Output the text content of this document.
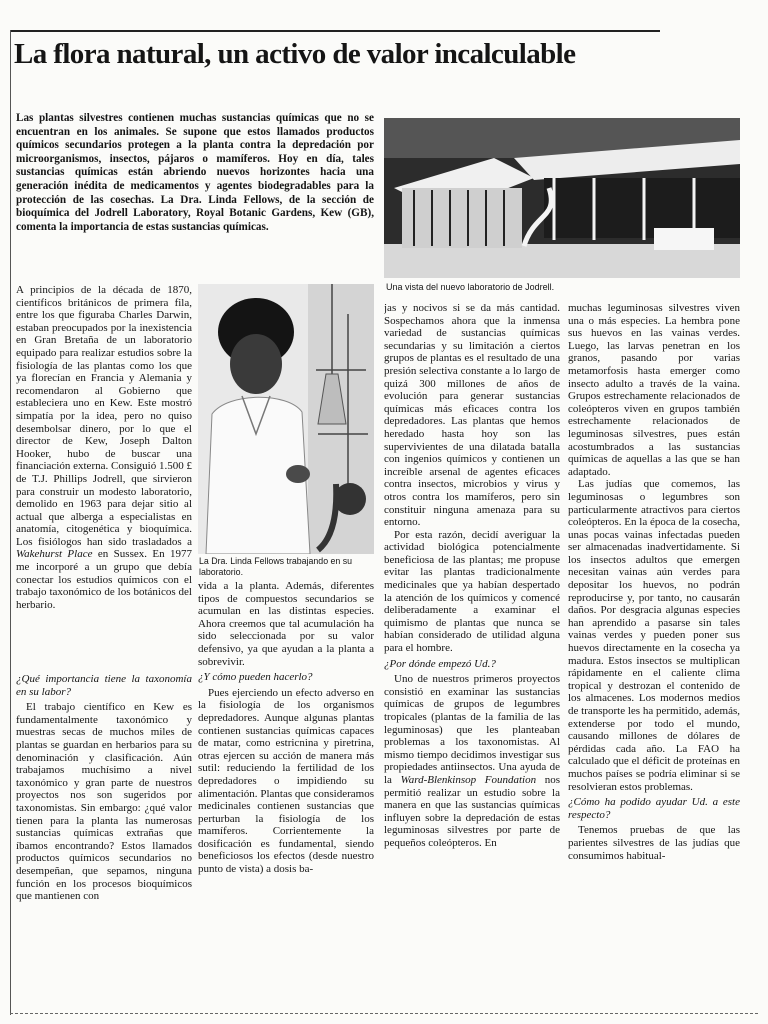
La flora natural, un activo de valor incalculable

Las plantas silvestres contienen muchas sustancias químicas que no se encuentran en los animales. Se supone que estos llamados productos químicos secundarios protegen a la planta contra la depredación por microorganismos, insectos, pájaros o mamíferos. Hoy en día, tales sustancias químicas están abriendo nuevos horizontes hacia una generación inédita de medicamentos y agentes biodegradables para la protección de las cosechas. La Dra. Linda Fellows, de la sección de bioquímica del Jodrell Laboratory, Royal Botanic Gardens, Kew (GB), comenta la importancia de estas sustancias químicas.

Una vista del nuevo laboratorio de Jodrell.
La Dra. Linda Fellows trabajando en su laboratorio.

A principios de la década de 1870, científicos británicos de primera fila, entre los que figuraba Charles Darwin, estaban preocupados por la inexistencia en Gran Bretaña de un laboratorio equipado para realizar estudios sobre la fisiología de las plantas como los que ya florecían en Francia y Alemania y recomendaron al Gobierno que estableciera uno en Kew. Este mostró simpatía por la idea, pero no quiso desembolsar dinero, por lo que el director de Kew, Joseph Dalton Hooker, hubo de buscar una financiación externa. Consiguió 1.500 £ de T.J. Phillips Jodrell, que sirvieron para construir un modesto laboratorio, demolido en 1963 para dejar sitio al actual que alberga a especialistas en anatomía, citogenética y bioquímica. Los fisiólogos han sido trasladados a Wakehurst Place en Sussex. En 1977 me incorporé a un grupo que debía conectar los estudios químicos con el trabajo taxonómico de los botánicos del herbario.

¿Qué importancia tiene la taxonomía en su labor?

El trabajo científico en Kew es fundamentalmente taxonómico y muestras secas de muchos miles de plantas se guardan en herbarios para su denominación y clasificación. Aún trabajamos muchísimo a nivel taxonómico y gran parte de nuestros proyectos nos son sugeridos por taxonomistas. Sin embargo: ¿qué valor tienen para la planta las numerosas sustancias químicas extrañas que íbamos encontrando? Estos llamados productos químicos secundarios no desempeñan, que sepamos, ninguna función en los procesos bioquímicos que mantienen con

vida a la planta. Además, diferentes tipos de compuestos secundarios se acumulan en las distintas especies. Ahora creemos que tal acumulación ha sido seleccionada por su valor defensivo, ya que ayudan a la planta a sobrevivir.

¿Y cómo pueden hacerlo?

Pues ejerciendo un efecto adverso en la fisiología de los organismos depredadores. Aunque algunas plantas contienen sustancias químicas capaces de matar, como estricnina y piretrina, otras ejercen su acción de manera más sutil: reduciendo la fertilidad de los depredadores o impidiendo su alimentación. Plantas que consideramos medicinales contienen sustancias que perturban la fisiología de los mamíferos. Corrientemente la dosificación es fundamental, siendo beneficiosos los efectos (desde nuestro punto de vista) a dosis ba-

jas y nocivos si se da más cantidad. Sospechamos ahora que la inmensa variedad de sustancias químicas secundarias y su limitación a ciertos grupos de plantas es el resultado de una presión selectiva constante a lo largo de quizá 300 millones de años de evolución para generar sustancias químicas más eficaces contra los depredadores. Las plantas que hemos heredado hasta hoy son las supervivientes de una dilatada batalla con ingenios químicos y contienen un increíble arsenal de agentes eficaces contra insectos, microbios y virus y otros contra los mamíferos, pero sin constituir ninguna amenaza para su entorno.

Por esta razón, decidí averiguar la actividad biológica potencialmente beneficiosa de las plantas; me propuse evitar las plantas tradicionalmente medicinales que ya habían despertado la atención de los químicos y comencé deliberadamente a examinar el quimismo de plantas que nunca se habían considerado de utilidad alguna para el hombre.

¿Por dónde empezó Ud.?

Uno de nuestros primeros proyectos consistió en examinar las sustancias químicas de grupos de legumbres tropicales (plantas de la familia de las leguminosas) que les planteaban problemas a los taxonomistas. Al mismo tiempo decidimos investigar sus propiedades antiinsectos. Una ayuda de la Ward-Blenkinsop Foundation nos permitió realizar un estudio sobre la manera en que las sustancias químicas influyen sobre la depredación de estas leguminosas silvestres por parte de pequeños coleópteros. En

muchas leguminosas silvestres viven una o más especies. La hembra pone sus huevos en las vainas verdes. Luego, las larvas penetran en los granos, pasando por varias metamorfosis hasta emerger como insecto adulto a través de la vaina. Grupos estrechamente relacionados de coleópteros viven en grupos también estrechamente relacionados de leguminosas silvestres, pues están acostumbrados a las sustancias químicas de aquellas a las que se han adaptado.

Las judías que comemos, las leguminosas o legumbres son particularmente atractivos para ciertos coleópteros. En la época de la cosecha, unas pocas vainas infectadas pueden ser almacenadas inadvertidamente. Si los insectos adultos que emergen necesitan vainas aún verdes para depositar los huevos, no podrán reproducirse y, por tanto, no causarán daños. Por desgracia algunas especies han aprendido a pasarse sin tales vainas verdes y pueden poner sus huevos directamente en la cosecha ya madura. Estos insectos se multiplican rápidamente en el caliente clima tropical y destrozan el contenido de los almacenes. Los modernos medios de transporte les ha permitido, además, extenderse por todo el mundo, causando millones de dólares de pérdidas cada año. La FAO ha calculado que el déficit de proteínas en muchos países se podría eliminar si se resolvieran estos problemas.

¿Cómo ha podido ayudar Ud. a este respecto?

Tenemos pruebas de que las parientes silvestres de las judías que consumimos habitual-
